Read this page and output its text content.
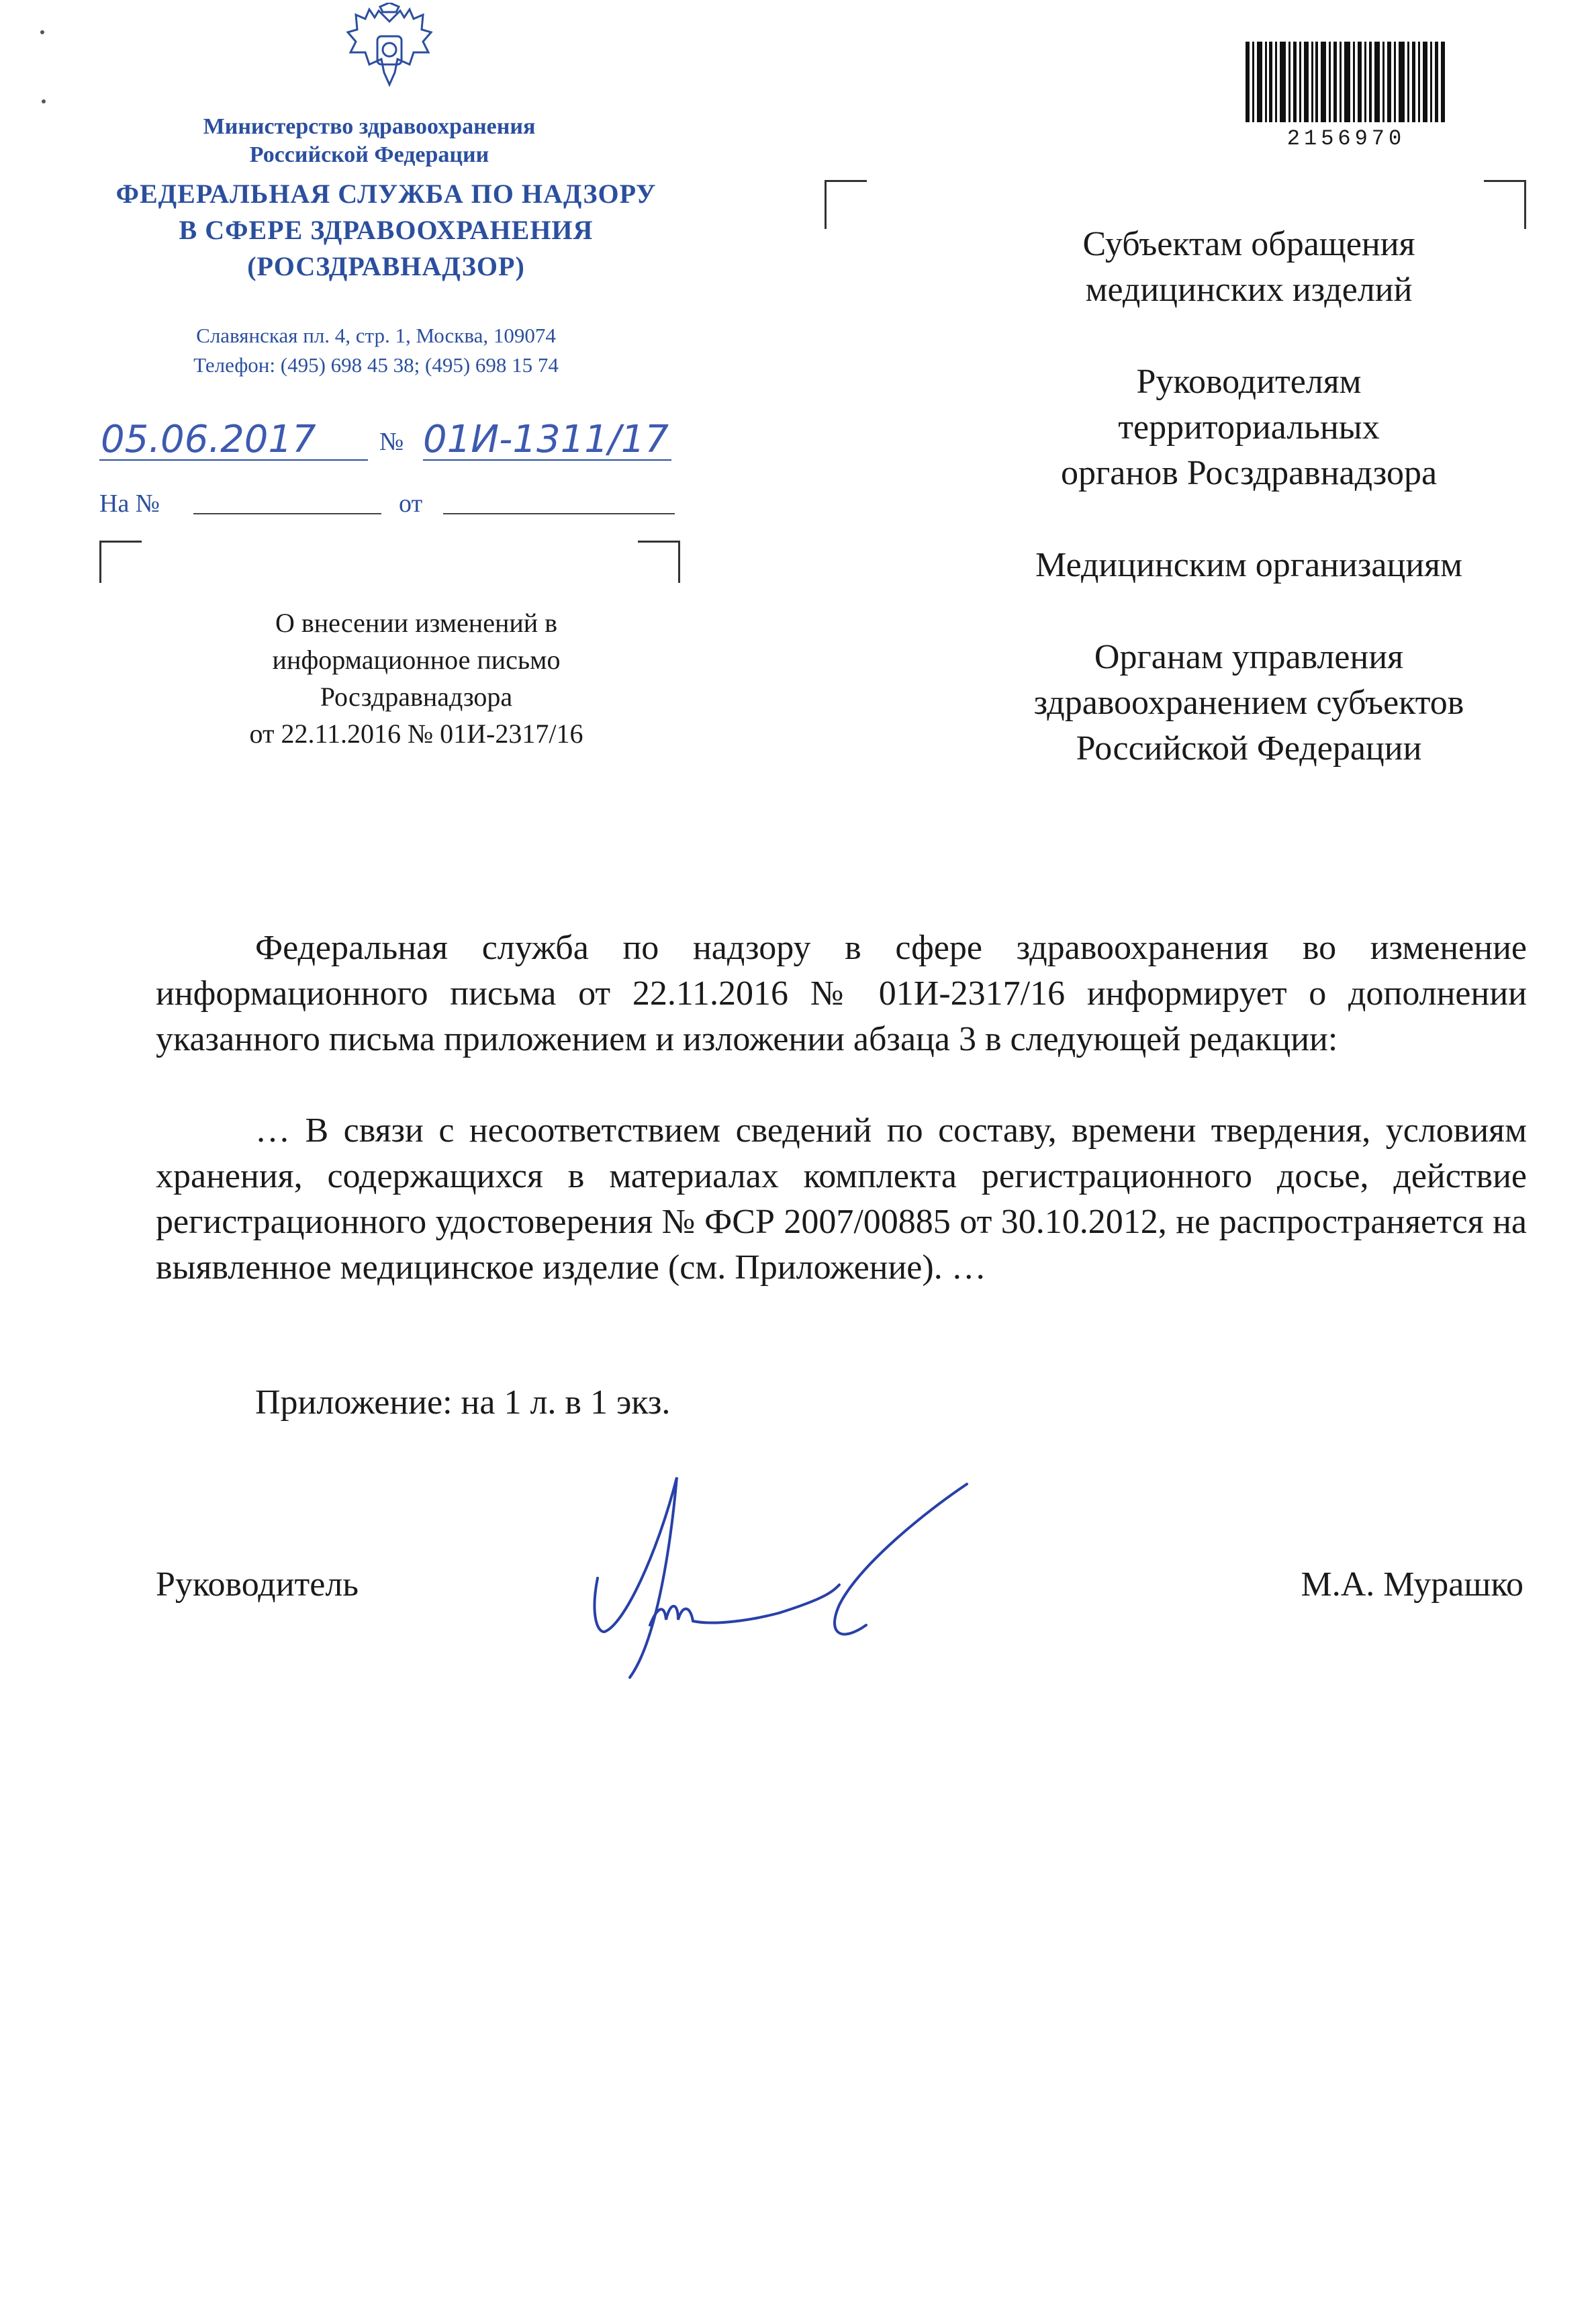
Министерство здравоохранения
Российской Федерации
ФЕДЕРАЛЬНАЯ СЛУЖБА ПО НАДЗОРУ
В СФЕРЕ ЗДРАВООХРАНЕНИЯ
(РОСЗДРАВНАДЗОР)
Славянская пл. 4, стр. 1, Москва, 109074
Телефон: (495) 698 45 38; (495) 698 15 74
05.06.2017 № 01И-1311/17
На №	от
О внесении изменений в
информационное письмо
Росздравнадзора
от 22.11.2016 № 01И-2317/16
2156970
Субъектам обращения
медицинских изделий
Руководителям
территориальных
органов Росздравнадзора
Медицинским организациям
Органам управления
здравоохранением субъектов
Российской Федерации
Федеральная служба по надзору в сфере здравоохранения во изменение информационного письма от 22.11.2016 № 01И-2317/16 информирует о дополнении указанного письма приложением и изложении абзаца 3 в следующей редакции:
… В связи с несоответствием сведений по составу, времени твердения, условиям хранения, содержащихся в материалах комплекта регистрационного досье, действие регистрационного удостоверения № ФСР 2007/00885 от 30.10.2012, не распространяется на выявленное медицинское изделие (см. Приложение). …
Приложение: на 1 л. в 1 экз.
Руководитель	М.А. Мурашко
